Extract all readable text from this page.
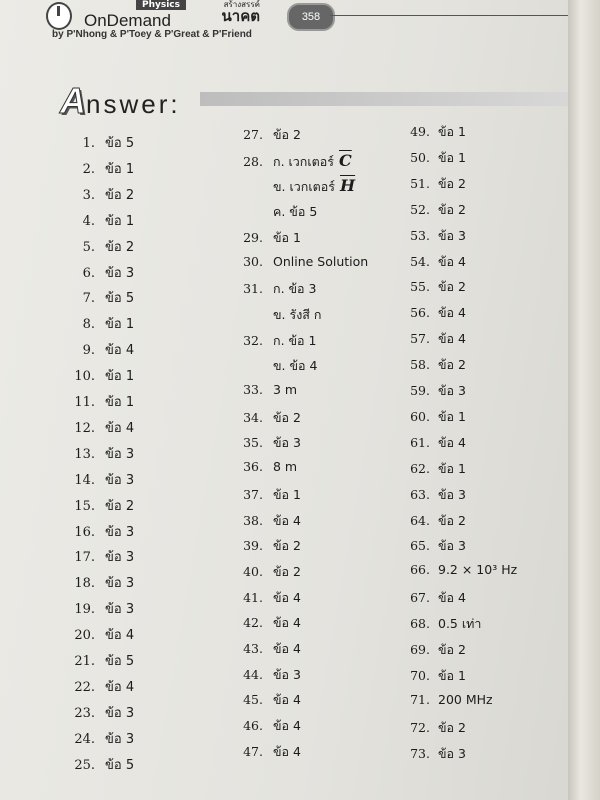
Physics
OnDemand
by P'Nhong & P'Toey & P'Great & P'Friend
สร้างสรรค์
นาคต	358
Answer:
1. ข้อ 5
2. ข้อ 1
3. ข้อ 2
4. ข้อ 1
5. ข้อ 2
6. ข้อ 3
7. ข้อ 5
8. ข้อ 1
9. ข้อ 4
10. ข้อ 1
11. ข้อ 1
12. ข้อ 4
13. ข้อ 3
14. ข้อ 3
15. ข้อ 2
16. ข้อ 3
17. ข้อ 3
18. ข้อ 3
19. ข้อ 3
20. ข้อ 4
21. ข้อ 5
22. ข้อ 4
23. ข้อ 3
24. ข้อ 3
25. ข้อ 5
27. ข้อ 2
28. ก. เวกเตอร์ $\overline{C}$
ข. เวกเตอร์ $\overline{H}$
ค. ข้อ 5
29. ข้อ 1
30. Online Solution
31. ก. ข้อ 3
ข. รังสี ก
32. ก. ข้อ 1
ข. ข้อ 4
33. 3 m
34. ข้อ 2
35. ข้อ 3
36. 8 m
37. ข้อ 1
38. ข้อ 4
39. ข้อ 2
40. ข้อ 2
41. ข้อ 4
42. ข้อ 4
43. ข้อ 4
44. ข้อ 3
45. ข้อ 4
46. ข้อ 4
47. ข้อ 4
49. ข้อ 1
50. ข้อ 1
51. ข้อ 2
52. ข้อ 2
53. ข้อ 3
54. ข้อ 4
55. ข้อ 2
56. ข้อ 4
57. ข้อ 4
58. ข้อ 2
59. ข้อ 3
60. ข้อ 1
61. ข้อ 4
62. ข้อ 1
63. ข้อ 3
64. ข้อ 2
65. ข้อ 3
66. 9.2 × 10³ Hz
67. ข้อ 4
68. 0.5 เท่า
69. ข้อ 2
70. ข้อ 1
71. 200 MHz
72. ข้อ 2
73. ข้อ 3
